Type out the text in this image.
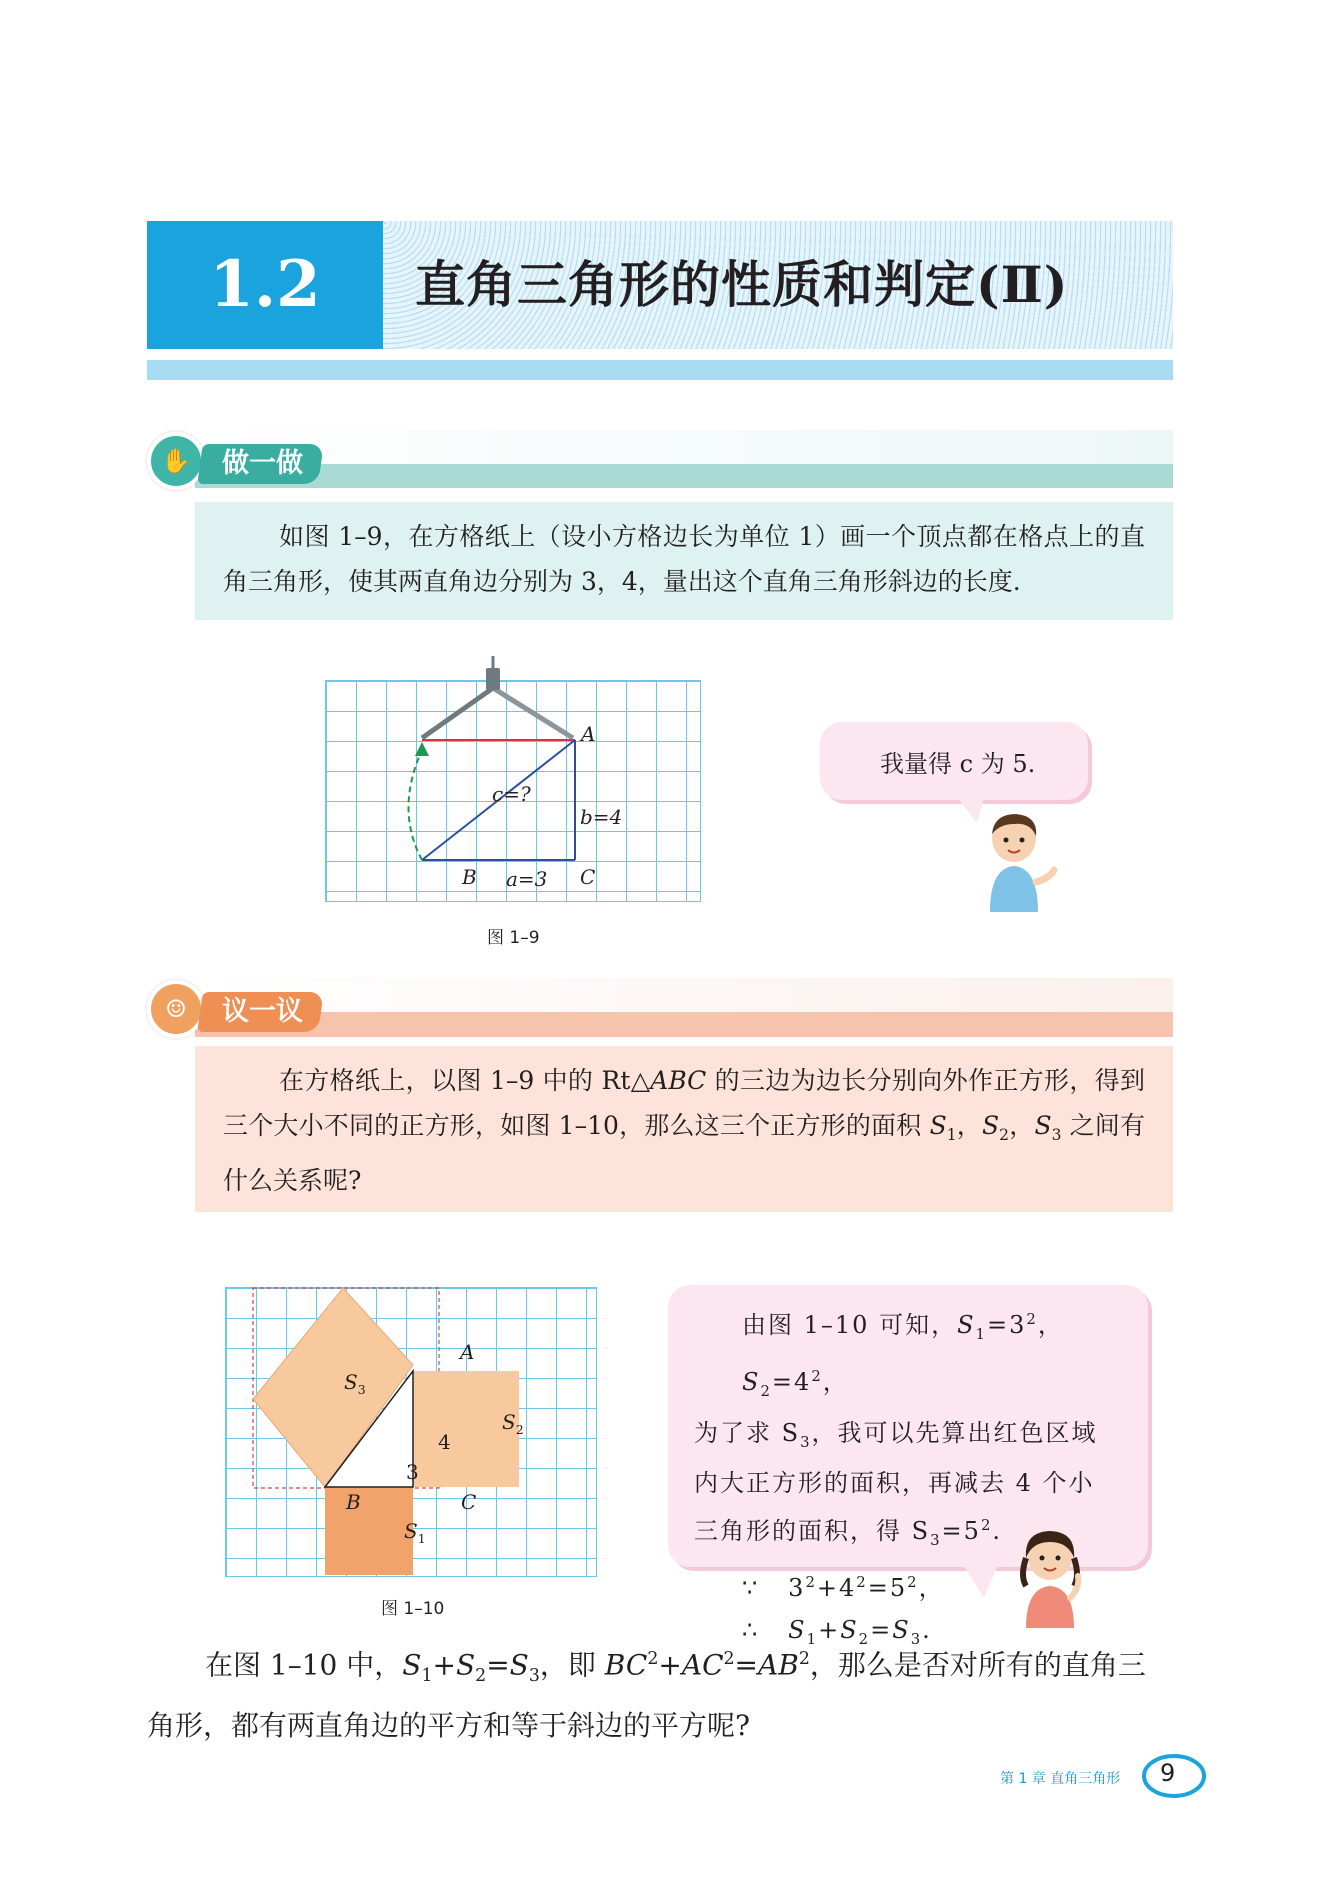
1.2	直角三角形的性质和判定(Ⅱ)
✋	做一做

如图 1–9，在方格纸上（设小方格边长为单位 1）画一个顶点都在格点上的直角三角形，使其两直角边分别为 3，4，量出这个直角三角形斜边的长度.

A
B	C
a=3
b=4
c=?
图 1–9
我量得 c 为 5.
☺	议一议

在方格纸上，以图 1–9 中的 Rt△ABC 的三边为边长分别向外作正方形，得到三个大小不同的正方形，如图 1–10，那么这三个正方形的面积 $S_1$，$S_2$，$S_3$ 之间有什么关系呢?

A
B	C
3
4
$S_3$
$S_2$
$S_1$
图 1–10
由图 1–10 可知，$S_1=3^2$，$S_2=4^2$，
为了求 $S_3$，我可以先算出红色区域
内大正方形的面积，再减去 4 个小
三角形的面积，得 $S_3=5^2$.
∵   $3^2+4^2=5^2$，
∴ $S_1+S_2=S_3$.
在图 1–10 中，$S_1+S_2=S_3$，即 $BC^2+AC^2=AB^2$，那么是否对所有的直角三
角形，都有两直角边的平方和等于斜边的平方呢?
第 1 章 直角三角形 9
